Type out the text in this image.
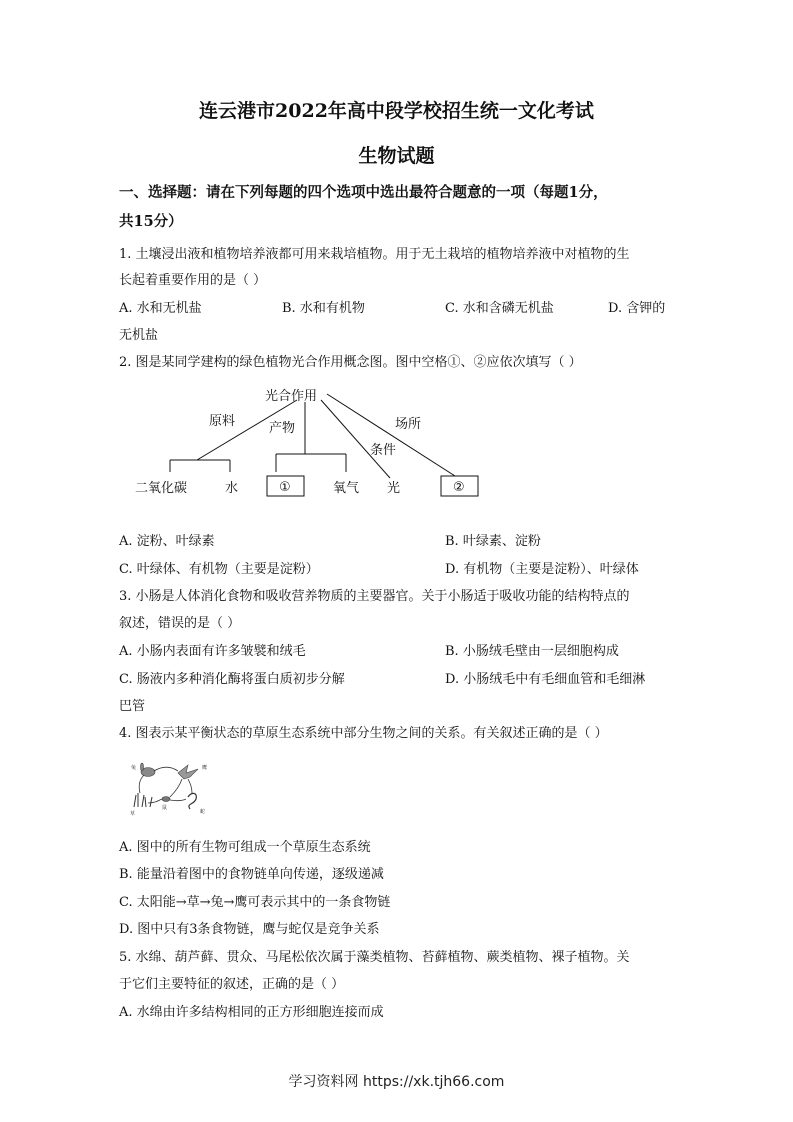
连云港市2022年高中段学校招生统一文化考试
生物试题
一、选择题：请在下列每题的四个选项中选出最符合题意的一项（每题1分，
共15分）
1. 土壤浸出液和植物培养液都可用来栽培植物。用于无土栽培的植物培养液中对植物的生
长起着重要作用的是（ ）
A. 水和无机盐	B. 水和有机物	C. 水和含磷无机盐	D. 含钾的
无机盐
2. 图是某同学建构的绿色植物光合作用概念图。图中空格①、②应依次填写（ ）
光合作用
原料	产物
条件
场所
二氧化碳	水	①	氧气 光	②
A. 淀粉、叶绿素	B. 叶绿素、淀粉
C. 叶绿体、有机物（主要是淀粉）	D. 有机物（主要是淀粉）、叶绿体
3. 小肠是人体消化食物和吸收营养物质的主要器官。关于小肠适于吸收功能的结构特点的
叙述，错误的是（ ）
A. 小肠内表面有许多皱襞和绒毛	B. 小肠绒毛壁由一层细胞构成
C. 肠液内多种消化酶将蛋白质初步分解	D. 小肠绒毛中有毛细血管和毛细淋
巴管
4. 图表示某平衡状态的草原生态系统中部分生物之间的关系。有关叙述正确的是（ ）
兔	鹰
草
鼠
蛇
A. 图中的所有生物可组成一个草原生态系统
B. 能量沿着图中的食物链单向传递，逐级递减
C. 太阳能→草→兔→鹰可表示其中的一条食物链
D. 图中只有3条食物链，鹰与蛇仅是竞争关系
5. 水绵、葫芦藓、贯众、马尾松依次属于藻类植物、苔藓植物、蕨类植物、裸子植物。关
于它们主要特征的叙述，正确的是（ ）
A. 水绵由许多结构相同的正方形细胞连接而成
学习资料网 https://xk.tjh66.com
